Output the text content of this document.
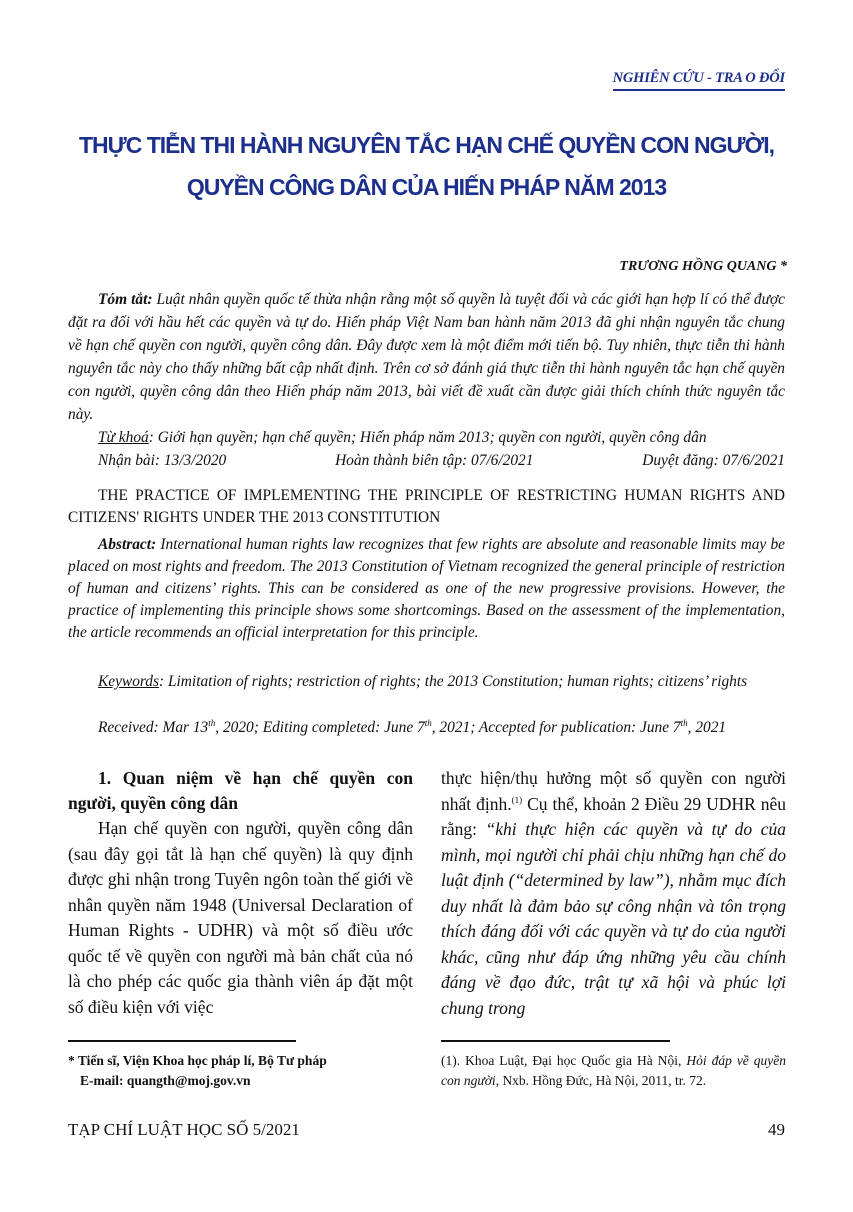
NGHIÊN CỨU - TRA O ĐỔI
THỰC TIỄN THI HÀNH NGUYÊN TẮC HẠN CHẾ QUYỀN CON NGƯỜI,
QUYỀN CÔNG DÂN CỦA HIẾN PHÁP NĂM 2013
TRƯƠNG HỒNG QUANG *

Tóm tắt: Luật nhân quyền quốc tế thừa nhận rằng một số quyền là tuyệt đối và các giới hạn hợp lí có thể được đặt ra đối với hầu hết các quyền và tự do. Hiến pháp Việt Nam ban hành năm 2013 đã ghi nhận nguyên tắc chung về hạn chế quyền con người, quyền công dân. Đây được xem là một điểm mới tiến bộ. Tuy nhiên, thực tiễn thi hành nguyên tắc này cho thấy những bất cập nhất định. Trên cơ sở đánh giá thực tiễn thi hành nguyên tắc hạn chế quyền con người, quyền công dân theo Hiến pháp năm 2013, bài viết đề xuất cần được giải thích chính thức nguyên tắc này.

Từ khoá: Giới hạn quyền; hạn chế quyền; Hiến pháp năm 2013; quyền con người, quyền công dân

Nhận bài: 13/3/2020	Hoàn thành biên tập: 07/6/2021	Duyệt đăng: 07/6/2021
THE PRACTICE OF IMPLEMENTING THE PRINCIPLE OF RESTRICTING HUMAN RIGHTS AND CITIZENS' RIGHTS UNDER THE 2013 CONSTITUTION

Abstract: International human rights law recognizes that few rights are absolute and reasonable limits may be placed on most rights and freedom. The 2013 Constitution of Vietnam recognized the general principle of restriction of human and citizens’ rights. This can be considered as one of the new progressive provisions. However, the practice of implementing this principle shows some shortcomings. Based on the assessment of the implementation, the article recommends an official interpretation for this principle.

Keywords: Limitation of rights; restriction of rights; the 2013 Constitution; human rights; citizens’ rights

Received: Mar 13th, 2020; Editing completed: June 7th, 2021; Accepted for publication: June 7th, 2021
1. Quan niệm về hạn chế quyền con người, quyền công dân

Hạn chế quyền con người, quyền công dân (sau đây gọi tắt là hạn chế quyền) là quy định được ghi nhận trong Tuyên ngôn toàn thế giới về nhân quyền năm 1948 (Universal Declaration of Human Rights - UDHR) và một số điều ước quốc tế về quyền con người mà bản chất của nó là cho phép các quốc gia thành viên áp đặt một số điều kiện với việc

thực hiện/thụ hưởng một số quyền con người nhất định.$^{(1)}$ Cụ thể, khoản 2 Điều 29 UDHR nêu rằng: “khi thực hiện các quyền và tự do của mình, mọi người chỉ phải chịu những hạn chế do luật định (“determined by law”), nhằm mục đích duy nhất là đảm bảo sự công nhận và tôn trọng thích đáng đối với các quyền và tự do của người khác, cũng như đáp ứng những yêu cầu chính đáng về đạo đức, trật tự xã hội và phúc lợi chung trong

* Tiến sĩ, Viện Khoa học pháp lí, Bộ Tư pháp
E-mail: quangth@moj.gov.vn
(1). Khoa Luật, Đại học Quốc gia Hà Nội, Hỏi đáp về quyền con người, Nxb. Hồng Đức, Hà Nội, 2011, tr. 72.
TẠP CHÍ LUẬT HỌC SỐ 5/2021	49
